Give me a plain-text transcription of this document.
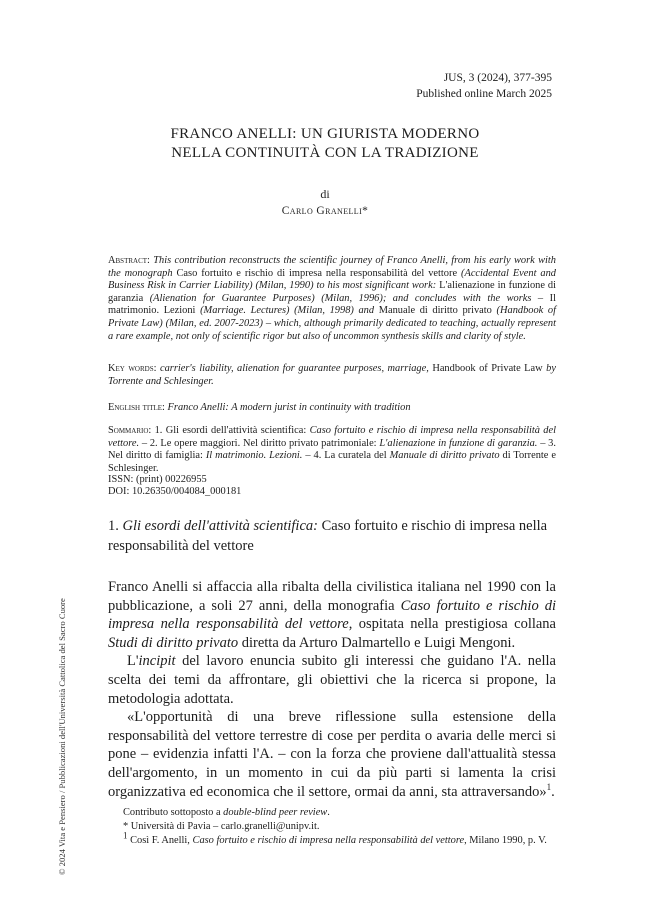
JUS, 3 (2024), 377-395
Published online March 2025
FRANCO ANELLI: UN GIURISTA MODERNO
NELLA CONTINUITÀ CON LA TRADIZIONE
di
Carlo Granelli*
Abstract: This contribution reconstructs the scientific journey of Franco Anelli, from his early work with the monograph Caso fortuito e rischio di impresa nella responsabilità del vettore (Accidental Event and Business Risk in Carrier Liability) (Milan, 1990) to his most significant work: L'alienazione in funzione di garanzia (Alienation for Guarantee Purposes) (Milan, 1996); and concludes with the works – Il matrimonio. Lezioni (Marriage. Lectures) (Milan, 1998) and Manuale di diritto privato (Handbook of Private Law) (Milan, ed. 2007-2023) – which, although primarily dedicated to teaching, actually represent a rare example, not only of scientific rigor but also of uncommon synthesis skills and clarity of style.
Key words: carrier's liability, alienation for guarantee purposes, marriage, Handbook of Private Law by Torrente and Schlesinger.
English title: Franco Anelli: A modern jurist in continuity with tradition
Sommario: 1. Gli esordi dell'attività scientifica: Caso fortuito e rischio di impresa nella responsabilità del vettore. – 2. Le opere maggiori. Nel diritto privato patrimoniale: L'alienazione in funzione di garanzia. – 3. Nel diritto di famiglia: Il matrimonio. Lezioni. – 4. La curatela del Manuale di diritto privato di Torrente e Schlesinger.
ISSN: (print) 00226955
DOI: 10.26350/004084_000181
1. Gli esordi dell'attività scientifica: Caso fortuito e rischio di impresa nella responsabilità del vettore

Franco Anelli si affaccia alla ribalta della civilistica italiana nel 1990 con la pubblicazione, a soli 27 anni, della monografia Caso fortuito e rischio di impresa nella responsabilità del vettore, ospitata nella prestigiosa collana Studi di diritto privato diretta da Arturo Dalmartello e Luigi Mengoni.

L'incipit del lavoro enuncia subito gli interessi che guidano l'A. nella scelta dei temi da affrontare, gli obiettivi che la ricerca si propone, la metodologia adottata.

«L'opportunità di una breve riflessione sulla estensione della responsabilità del vettore terrestre di cose per perdita o avaria delle merci si pone – evidenzia infatti l'A. – con la forza che proviene dall'attualità stessa dell'argomento, in un momento in cui da più parti si lamenta la crisi organizzativa ed economica che il settore, ormai da anni, sta attraversando»$^1$.

Contributo sottoposto a double-blind peer review.
* Università di Pavia – carlo.granelli@unipv.it.
$^1$ Così F. Anelli, Caso fortuito e rischio di impresa nella responsabilità del vettore, Milano 1990, p. V.
© 2024 Vita e Pensiero / Pubblicazioni dell'Università Cattolica del Sacro Cuore
